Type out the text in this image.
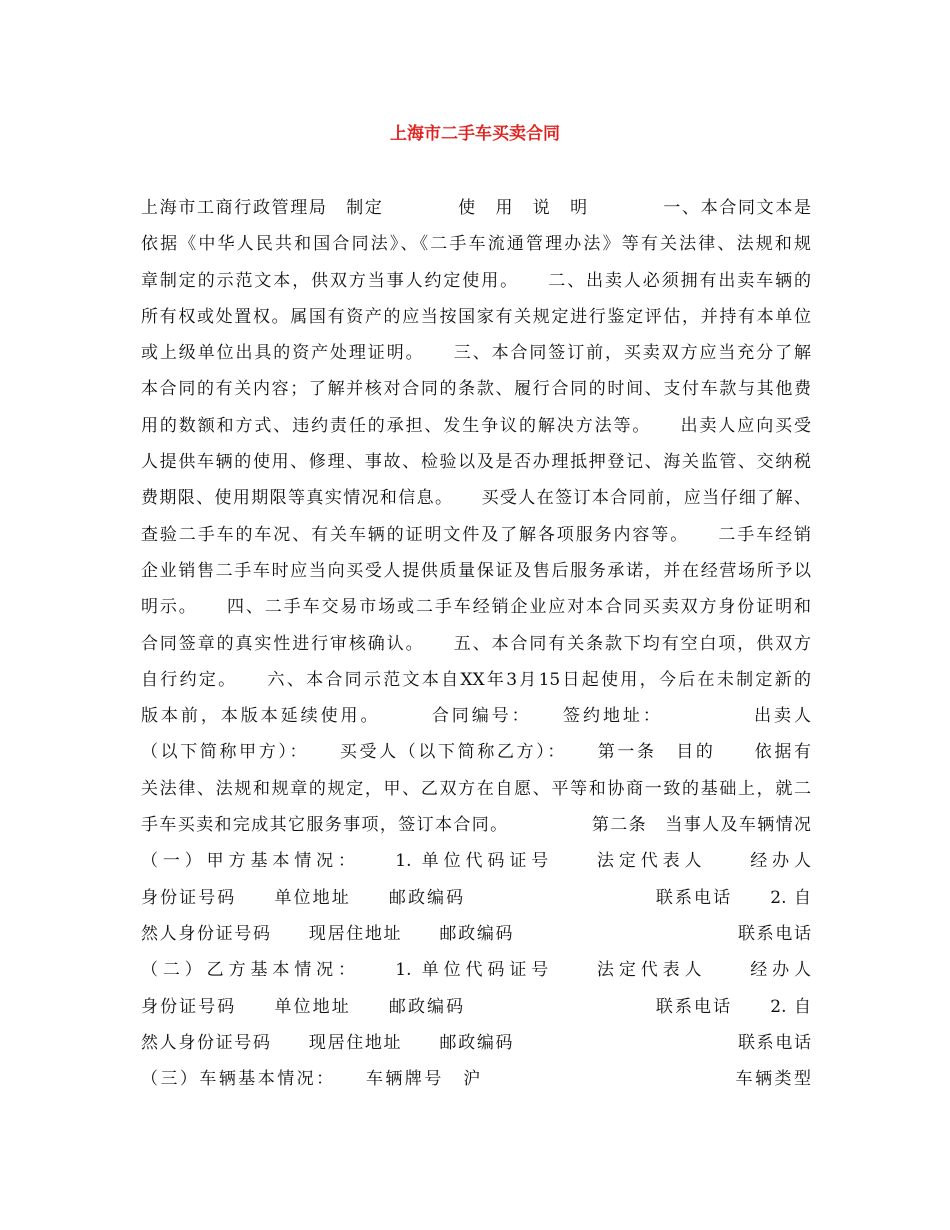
上海市二手车买卖合同
上海市工商行政管理局　制定　　　　使　用　说　明　　　　一、本合同文本是
依据《中华人民共和国合同法》、《二手车流通管理办法》等有关法律、法规和规
章制定的示范文本，供双方当事人约定使用。　　二、出卖人必须拥有出卖车辆的
所有权或处置权。属国有资产的应当按国家有关规定进行鉴定评估，并持有本单位
或上级单位出具的资产处理证明。　　三、本合同签订前，买卖双方应当充分了解
本合同的有关内容；了解并核对合同的条款、履行合同的时间、支付车款与其他费
用的数额和方式、违约责任的承担、发生争议的解决方法等。　　出卖人应向买受
人提供车辆的使用、修理、事故、检验以及是否办理抵押登记、海关监管、交纳税
费期限、使用期限等真实情况和信息。　　买受人在签订本合同前，应当仔细了解、
查验二手车的车况、有关车辆的证明文件及了解各项服务内容等。　　二手车经销
企业销售二手车时应当向买受人提供质量保证及售后服务承诺，并在经营场所予以
明示。　　四、二手车交易市场或二手车经销企业应对本合同买卖双方身份证明和
合同签章的真实性进行审核确认。　　五、本合同有关条款下均有空白项，供双方
自行约定。　　六、本合同示范文本自XX年3月15日起使用，今后在未制定新的
版本前，本版本延续使用。　　　合同编号：　　签约地址：　　　　　出卖人
（以下简称甲方）：　　买受人（以下简称乙方）：　　第一条　目的　　依据有
关法律、法规和规章的规定，甲、乙双方在自愿、平等和协商一致的基础上，就二
手车买卖和完成其它服务事项，签订本合同。　　　　　第二条　当事人及车辆情况
（一）甲方基本情况：　　1. 单位代码证号　　法定代表人　　经办人
身份证号码　　单位地址　　邮政编码　　　　　　　　　　联系电话　　2. 自
然人身份证号码　　现居住地址　　邮政编码　　　　　　　　　　　　联系电话
（二）乙方基本情况：　　1. 单位代码证号　　法定代表人　　经办人
身份证号码　　单位地址　　邮政编码　　　　　　　　　　联系电话　　2. 自
然人身份证号码　　现居住地址　　邮政编码　　　　　　　　　　　　联系电话
（三）车辆基本情况：　　车辆牌号　沪　　　　　　　　　　　　　车辆类型
